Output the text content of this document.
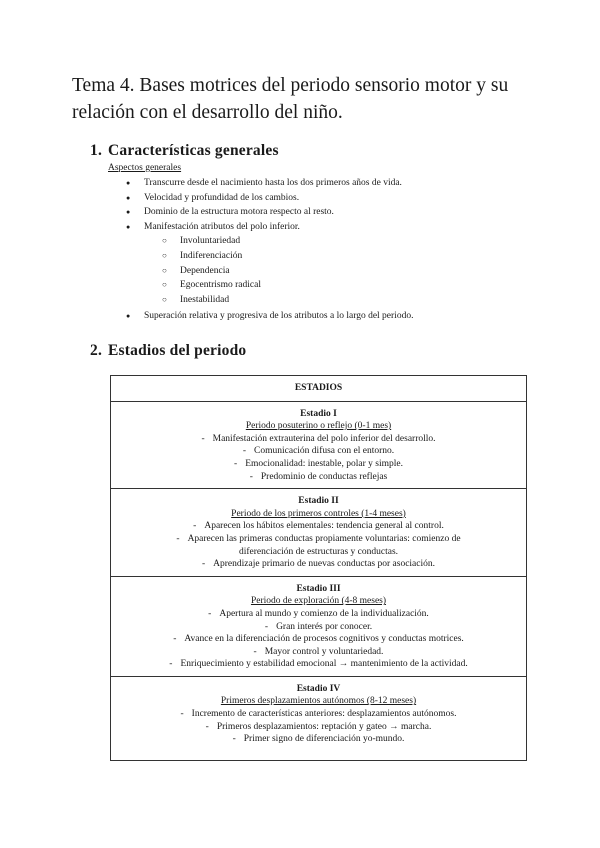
Tema 4. Bases motrices del periodo sensorio motor y su relación con el desarrollo del niño.
1. Características generales
Aspectos generales
● Transcurre desde el nacimiento hasta los dos primeros años de vida.
● Velocidad y profundidad de los cambios.
● Dominio de la estructura motora respecto al resto.
● Manifestación atributos del polo inferior.
○ Involuntariedad
○ Indiferenciación
○ Dependencia
○ Egocentrismo radical
○ Inestabilidad
● Superación relativa y progresiva de los atributos a lo largo del periodo.
2. Estadios del periodo
ESTADIOS

Estadio I
Periodo posuterino o reflejo (0-1 mes)
- Manifestación extrauterina del polo inferior del desarrollo.
- Comunicación difusa con el entorno.
- Emocionalidad: inestable, polar y simple.
- Predominio de conductas reflejas

Estadio II
Periodo de los primeros controles (1-4 meses)
- Aparecen los hábitos elementales: tendencia general al control.
- Aparecen las primeras conductas propiamente voluntarias: comienzo de diferenciación de estructuras y conductas.
- Aprendizaje primario de nuevas conductas por asociación.

Estadio III
Periodo de exploración (4-8 meses)
- Apertura al mundo y comienzo de la individualización.
- Gran interés por conocer.
- Avance en la diferenciación de procesos cognitivos y conductas motrices.
- Mayor control y voluntariedad.
- Enriquecimiento y estabilidad emocional → mantenimiento de la actividad.

Estadio IV
Primeros desplazamientos autónomos (8-12 meses)
- Incremento de características anteriores: desplazamientos autónomos.
- Primeros desplazamientos: reptación y gateo → marcha.
- Primer signo de diferenciación yo-mundo.
